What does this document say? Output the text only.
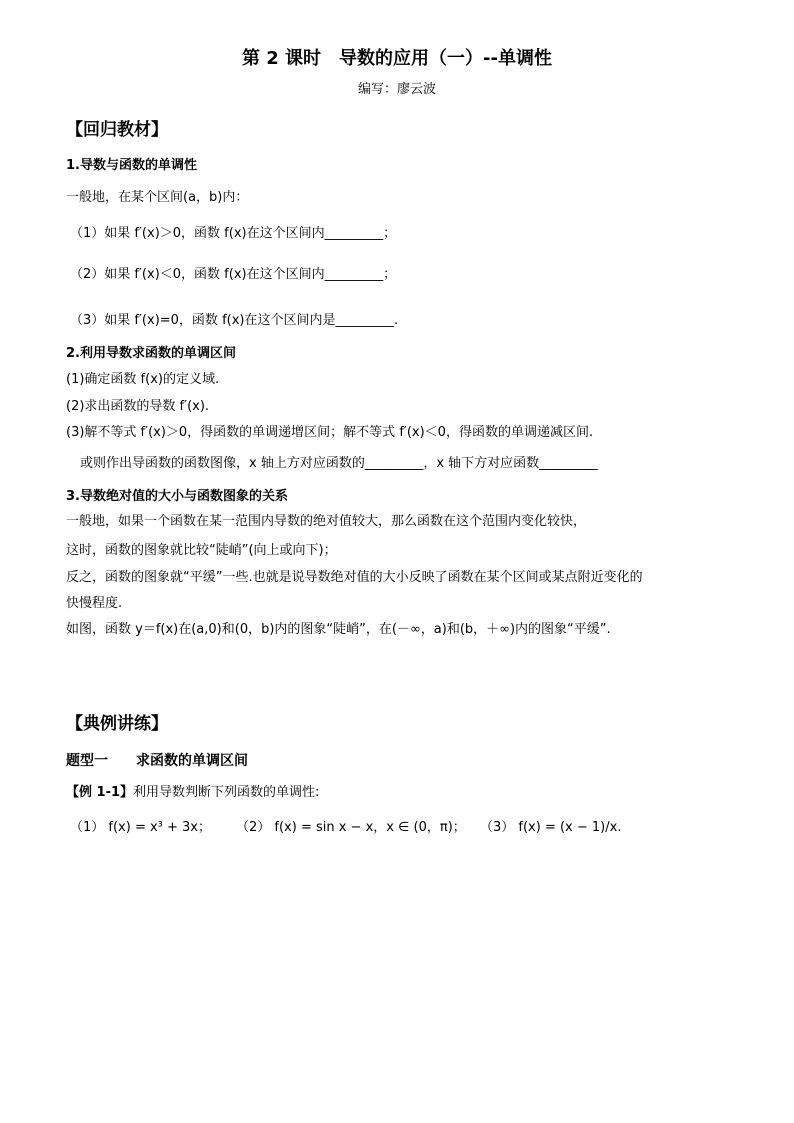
第 2 课时　导数的应用（一）--单调性
编写：廖云波
【回归教材】
1.导数与函数的单调性
一般地，在某个区间(a，b)内：
（1）如果 f′(x)＞0，函数 f(x)在这个区间内_________；
（2）如果 f′(x)＜0，函数 f(x)在这个区间内_________；
（3）如果 f′(x)=0，函数 f(x)在这个区间内是_________.
2.利用导数求函数的单调区间
(1)确定函数 f(x)的定义域.
(2)求出函数的导数 f′(x).
(3)解不等式 f′(x)＞0，得函数的单调递增区间；解不等式 f′(x)＜0，得函数的单调递减区间.
或则作出导函数的函数图像，x 轴上方对应函数的_________，x 轴下方对应函数_________
3.导数绝对值的大小与函数图象的关系
一般地，如果一个函数在某一范围内导数的绝对值较大，那么函数在这个范围内变化较快，
这时，函数的图象就比较“陡峭”(向上或向下)；
反之，函数的图象就“平缓”一些.也就是说导数绝对值的大小反映了函数在某个区间或某点附近变化的
快慢程度.
如图，函数 y＝f(x)在(a,0)和(0，b)内的图象“陡峭”，在(－∞，a)和(b，＋∞)内的图象“平缓”.
【典例讲练】
题型一　　求函数的单调区间
【例 1-1】利用导数判断下列函数的单调性:
（1） f(x) = x³ + 3x； （2） f(x) = sin x − x，x ∈ (0，π)； （3） f(x) = (x − 1)/x.
